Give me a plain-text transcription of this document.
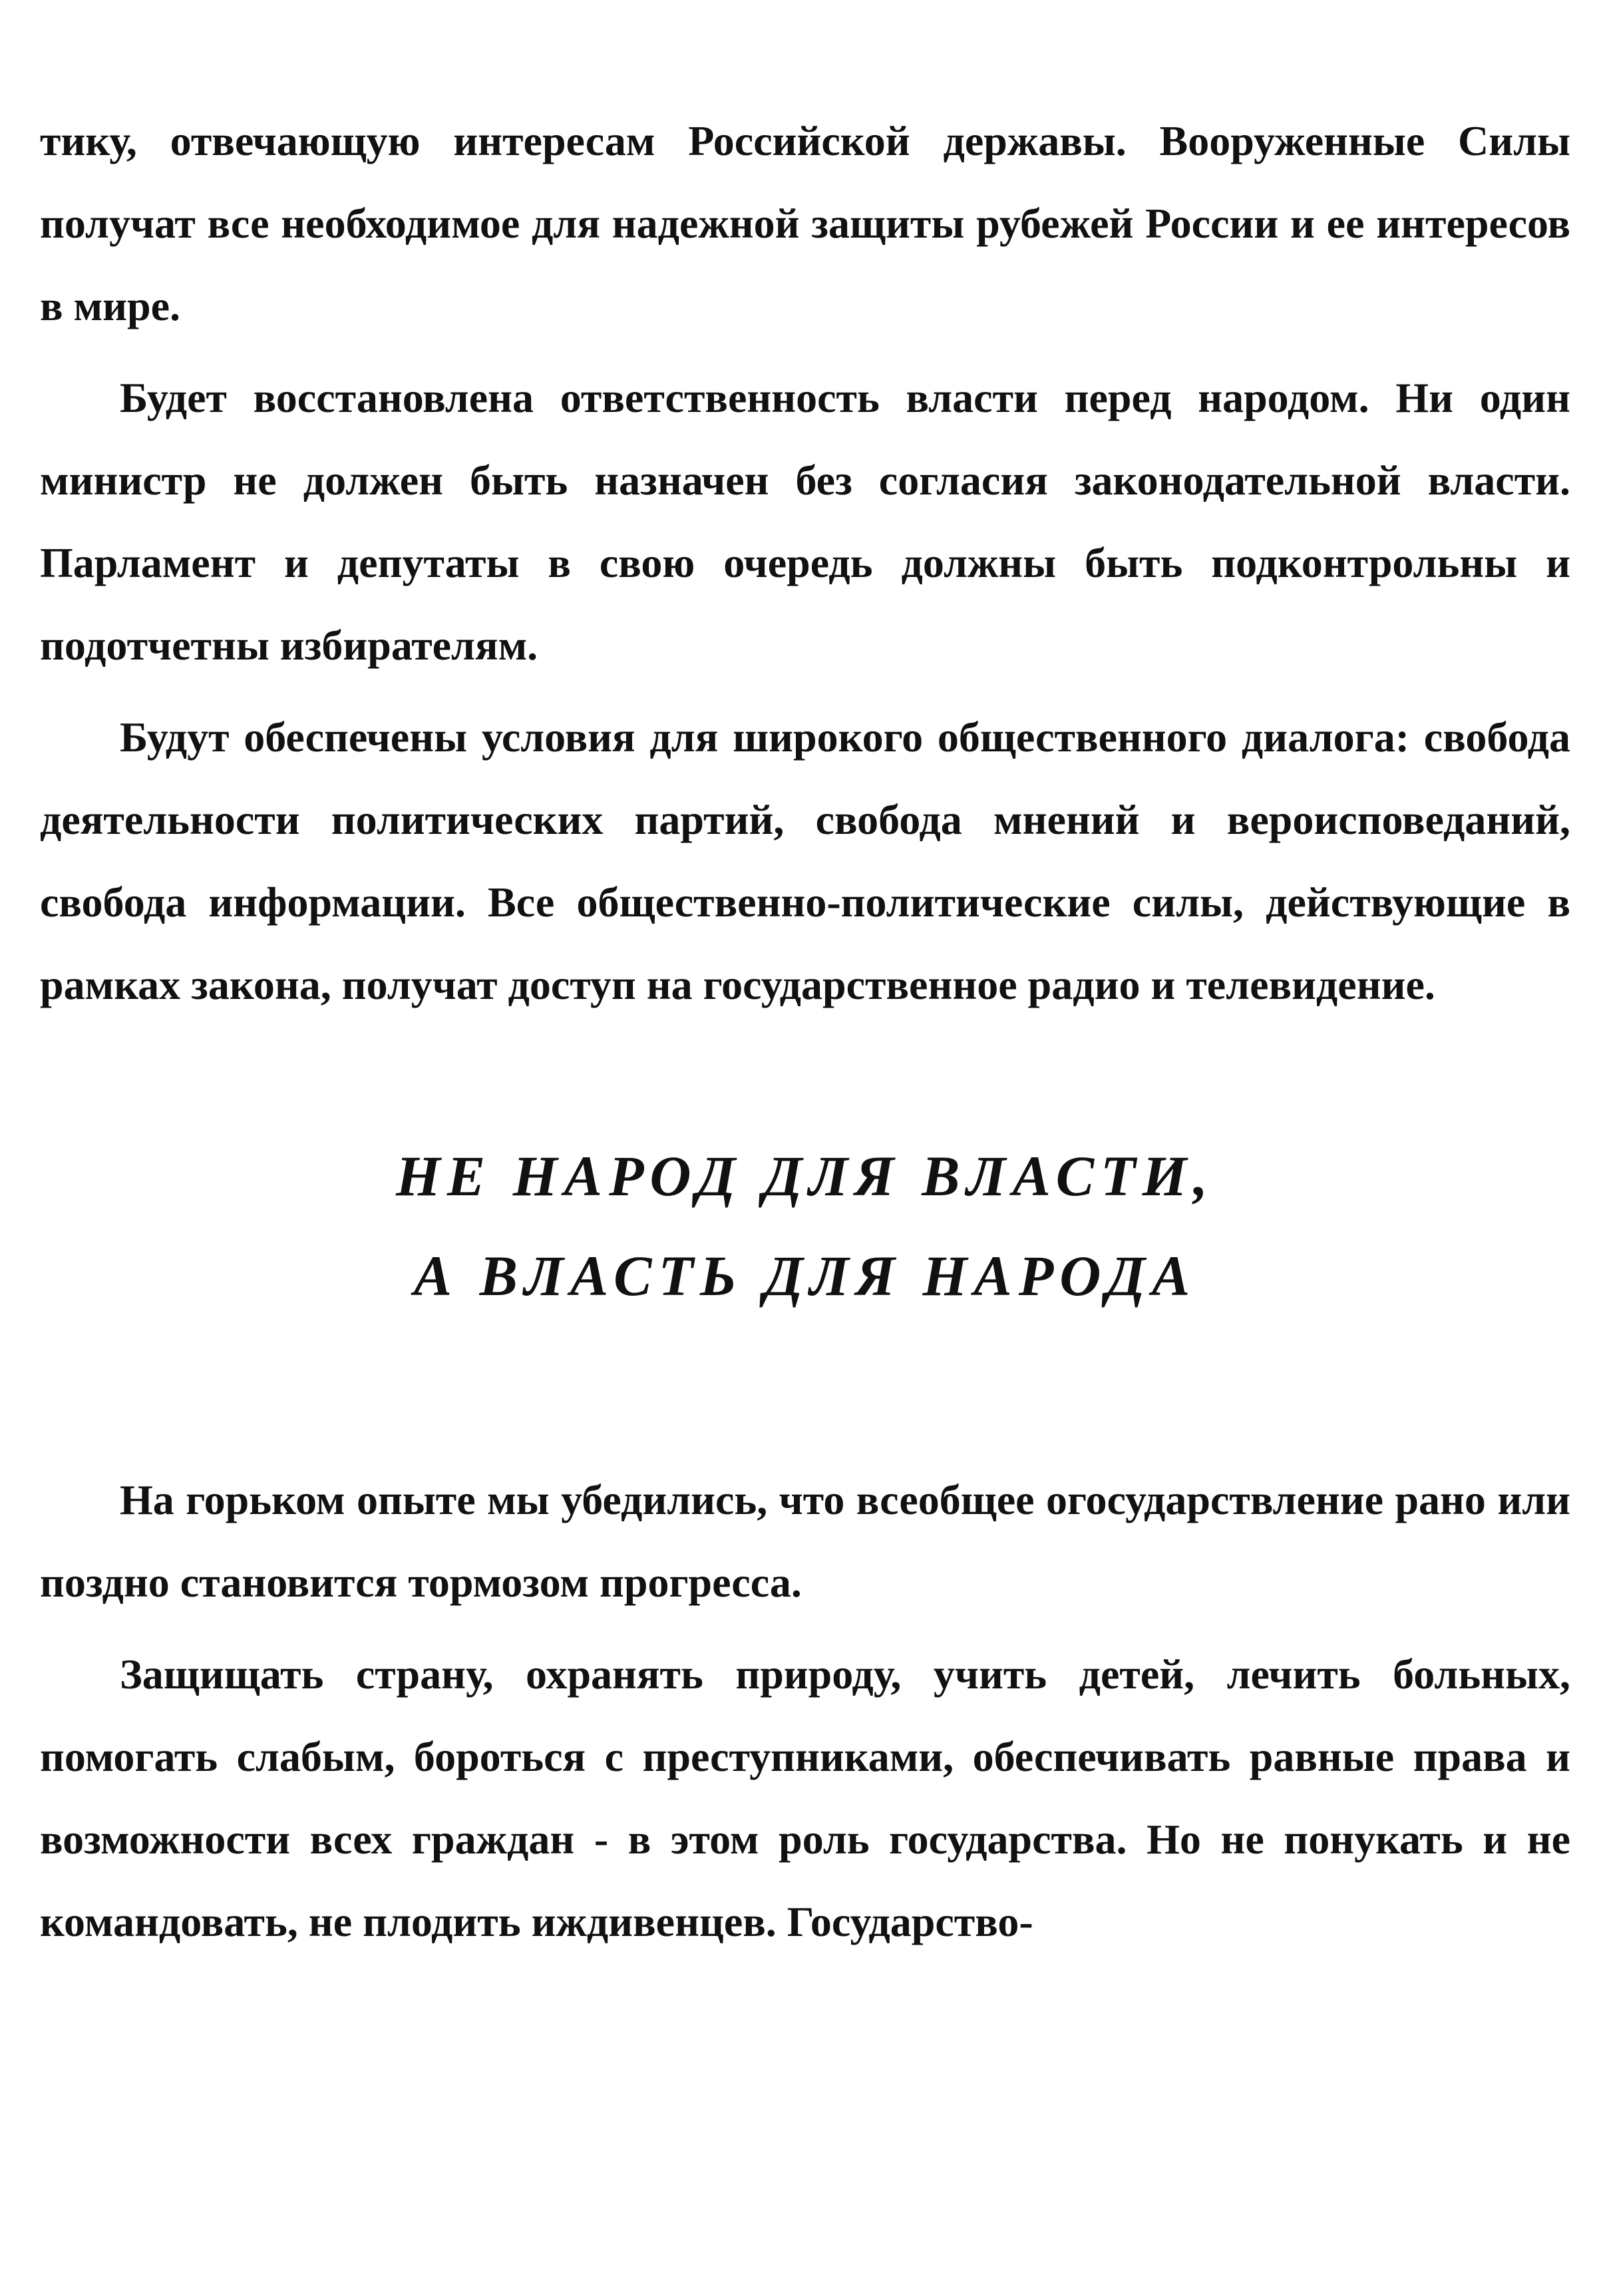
тику, отвечающую интересам Российской державы. Вооруженные Силы получат все необходимое для надежной защиты рубежей России и ее интересов в мире.

Будет восстановлена ответственность власти перед народом. Ни один министр не должен быть назначен без согласия законодательной власти. Парламент и депутаты в свою очередь должны быть подконтрольны и подотчетны избирателям.

Будут обеспечены условия для широкого общественного диалога: свобода деятельности политических партий, свобода мнений и вероисповеданий, свобода информации. Все общественно-политические силы, действующие в рамках закона, получат доступ на государственное радио и телевидение.

НЕ НАРОД ДЛЯ ВЛАСТИ,
А ВЛАСТЬ ДЛЯ НАРОДА

На горьком опыте мы убедились, что всеобщее огосударствление рано или поздно становится тормозом прогресса.

Защищать страну, охранять природу, учить детей, лечить больных, помогать слабым, бороться с преступниками, обеспечивать равные права и возможности всех граждан - в этом роль государства. Но не понукать и не командовать, не плодить иждивенцев. Государство-
